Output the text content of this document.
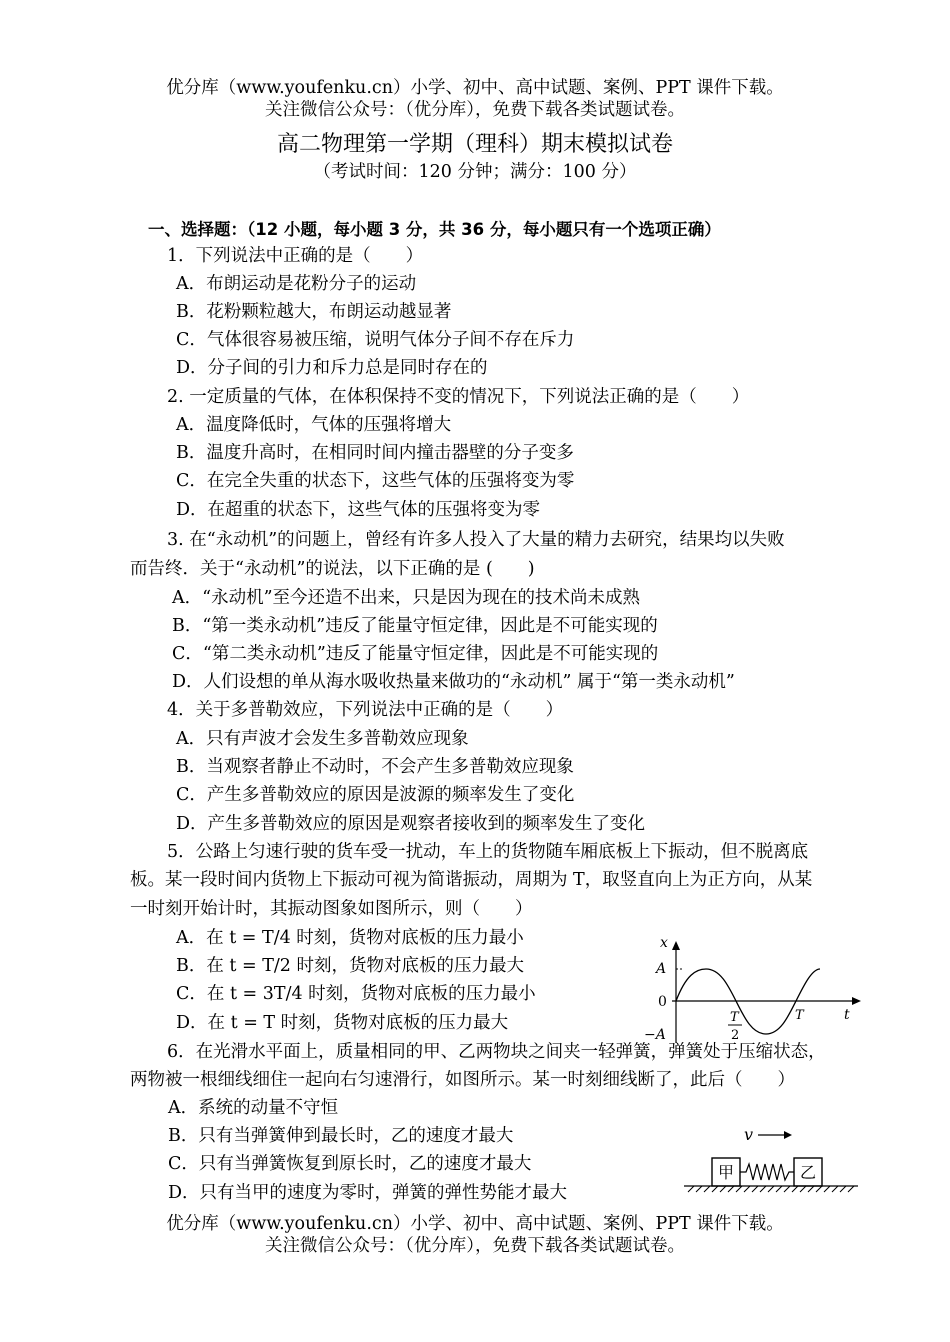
优分库（www.youfenku.cn）小学、初中、高中试题、案例、PPT 课件下载。
关注微信公众号：（优分库），免费下载各类试题试卷。
高二物理第一学期（理科）期末模拟试卷
（考试时间：120 分钟；满分：100 分）
一、选择题：（12 小题，每小题 3 分，共 36 分，每小题只有一个选项正确）
1．下列说法中正确的是（　　）
A．布朗运动是花粉分子的运动
B．花粉颗粒越大，布朗运动越显著
C．气体很容易被压缩，说明气体分子间不存在斥力
D．分子间的引力和斥力总是同时存在的
2. 一定质量的气体，在体积保持不变的情况下，下列说法正确的是（　　）
A．温度降低时，气体的压强将增大
B．温度升高时，在相同时间内撞击器壁的分子变多
C．在完全失重的状态下，这些气体的压强将变为零
D．在超重的状态下，这些气体的压强将变为零
3. 在“永动机”的问题上，曾经有许多人投入了大量的精力去研究，结果均以失败
而告终．关于“永动机”的说法，以下正确的是 (　　)
A．“永动机”至今还造不出来，只是因为现在的技术尚未成熟
B．“第一类永动机”违反了能量守恒定律，因此是不可能实现的
C．“第二类永动机”违反了能量守恒定律，因此是不可能实现的
D．人们设想的单从海水吸收热量来做功的“永动机” 属于“第一类永动机”
4．关于多普勒效应，下列说法中正确的是（　　）
A．只有声波才会发生多普勒效应现象
B．当观察者静止不动时，不会产生多普勒效应现象
C．产生多普勒效应的原因是波源的频率发生了变化
D．产生多普勒效应的原因是观察者接收到的频率发生了变化
5．公路上匀速行驶的货车受一扰动，车上的货物随车厢底板上下振动，但不脱离底
板。某一段时间内货物上下振动可视为简谐振动，周期为 T，取竖直向上为正方向，从某
一时刻开始计时，其振动图象如图所示，则（　　）
A．在 t = T/4 时刻，货物对底板的压力最小
B．在 t = T/2 时刻，货物对底板的压力最大
C．在 t = 3T/4 时刻，货物对底板的压力最小
D．在 t = T 时刻，货物对底板的压力最大
x
A
0
−A
T
2
T	t
6．在光滑水平面上，质量相同的甲、乙两物块之间夹一轻弹簧，弹簧处于压缩状态，
两物被一根细线细住一起向右匀速滑行，如图所示。某一时刻细线断了，此后（　　）
A．系统的动量不守恒
B．只有当弹簧伸到最长时，乙的速度才最大
C．只有当弹簧恢复到原长时，乙的速度才最大
D．只有当甲的速度为零时，弹簧的弹性势能才最大
v
甲	乙
优分库（www.youfenku.cn）小学、初中、高中试题、案例、PPT 课件下载。
关注微信公众号：（优分库），免费下载各类试题试卷。
